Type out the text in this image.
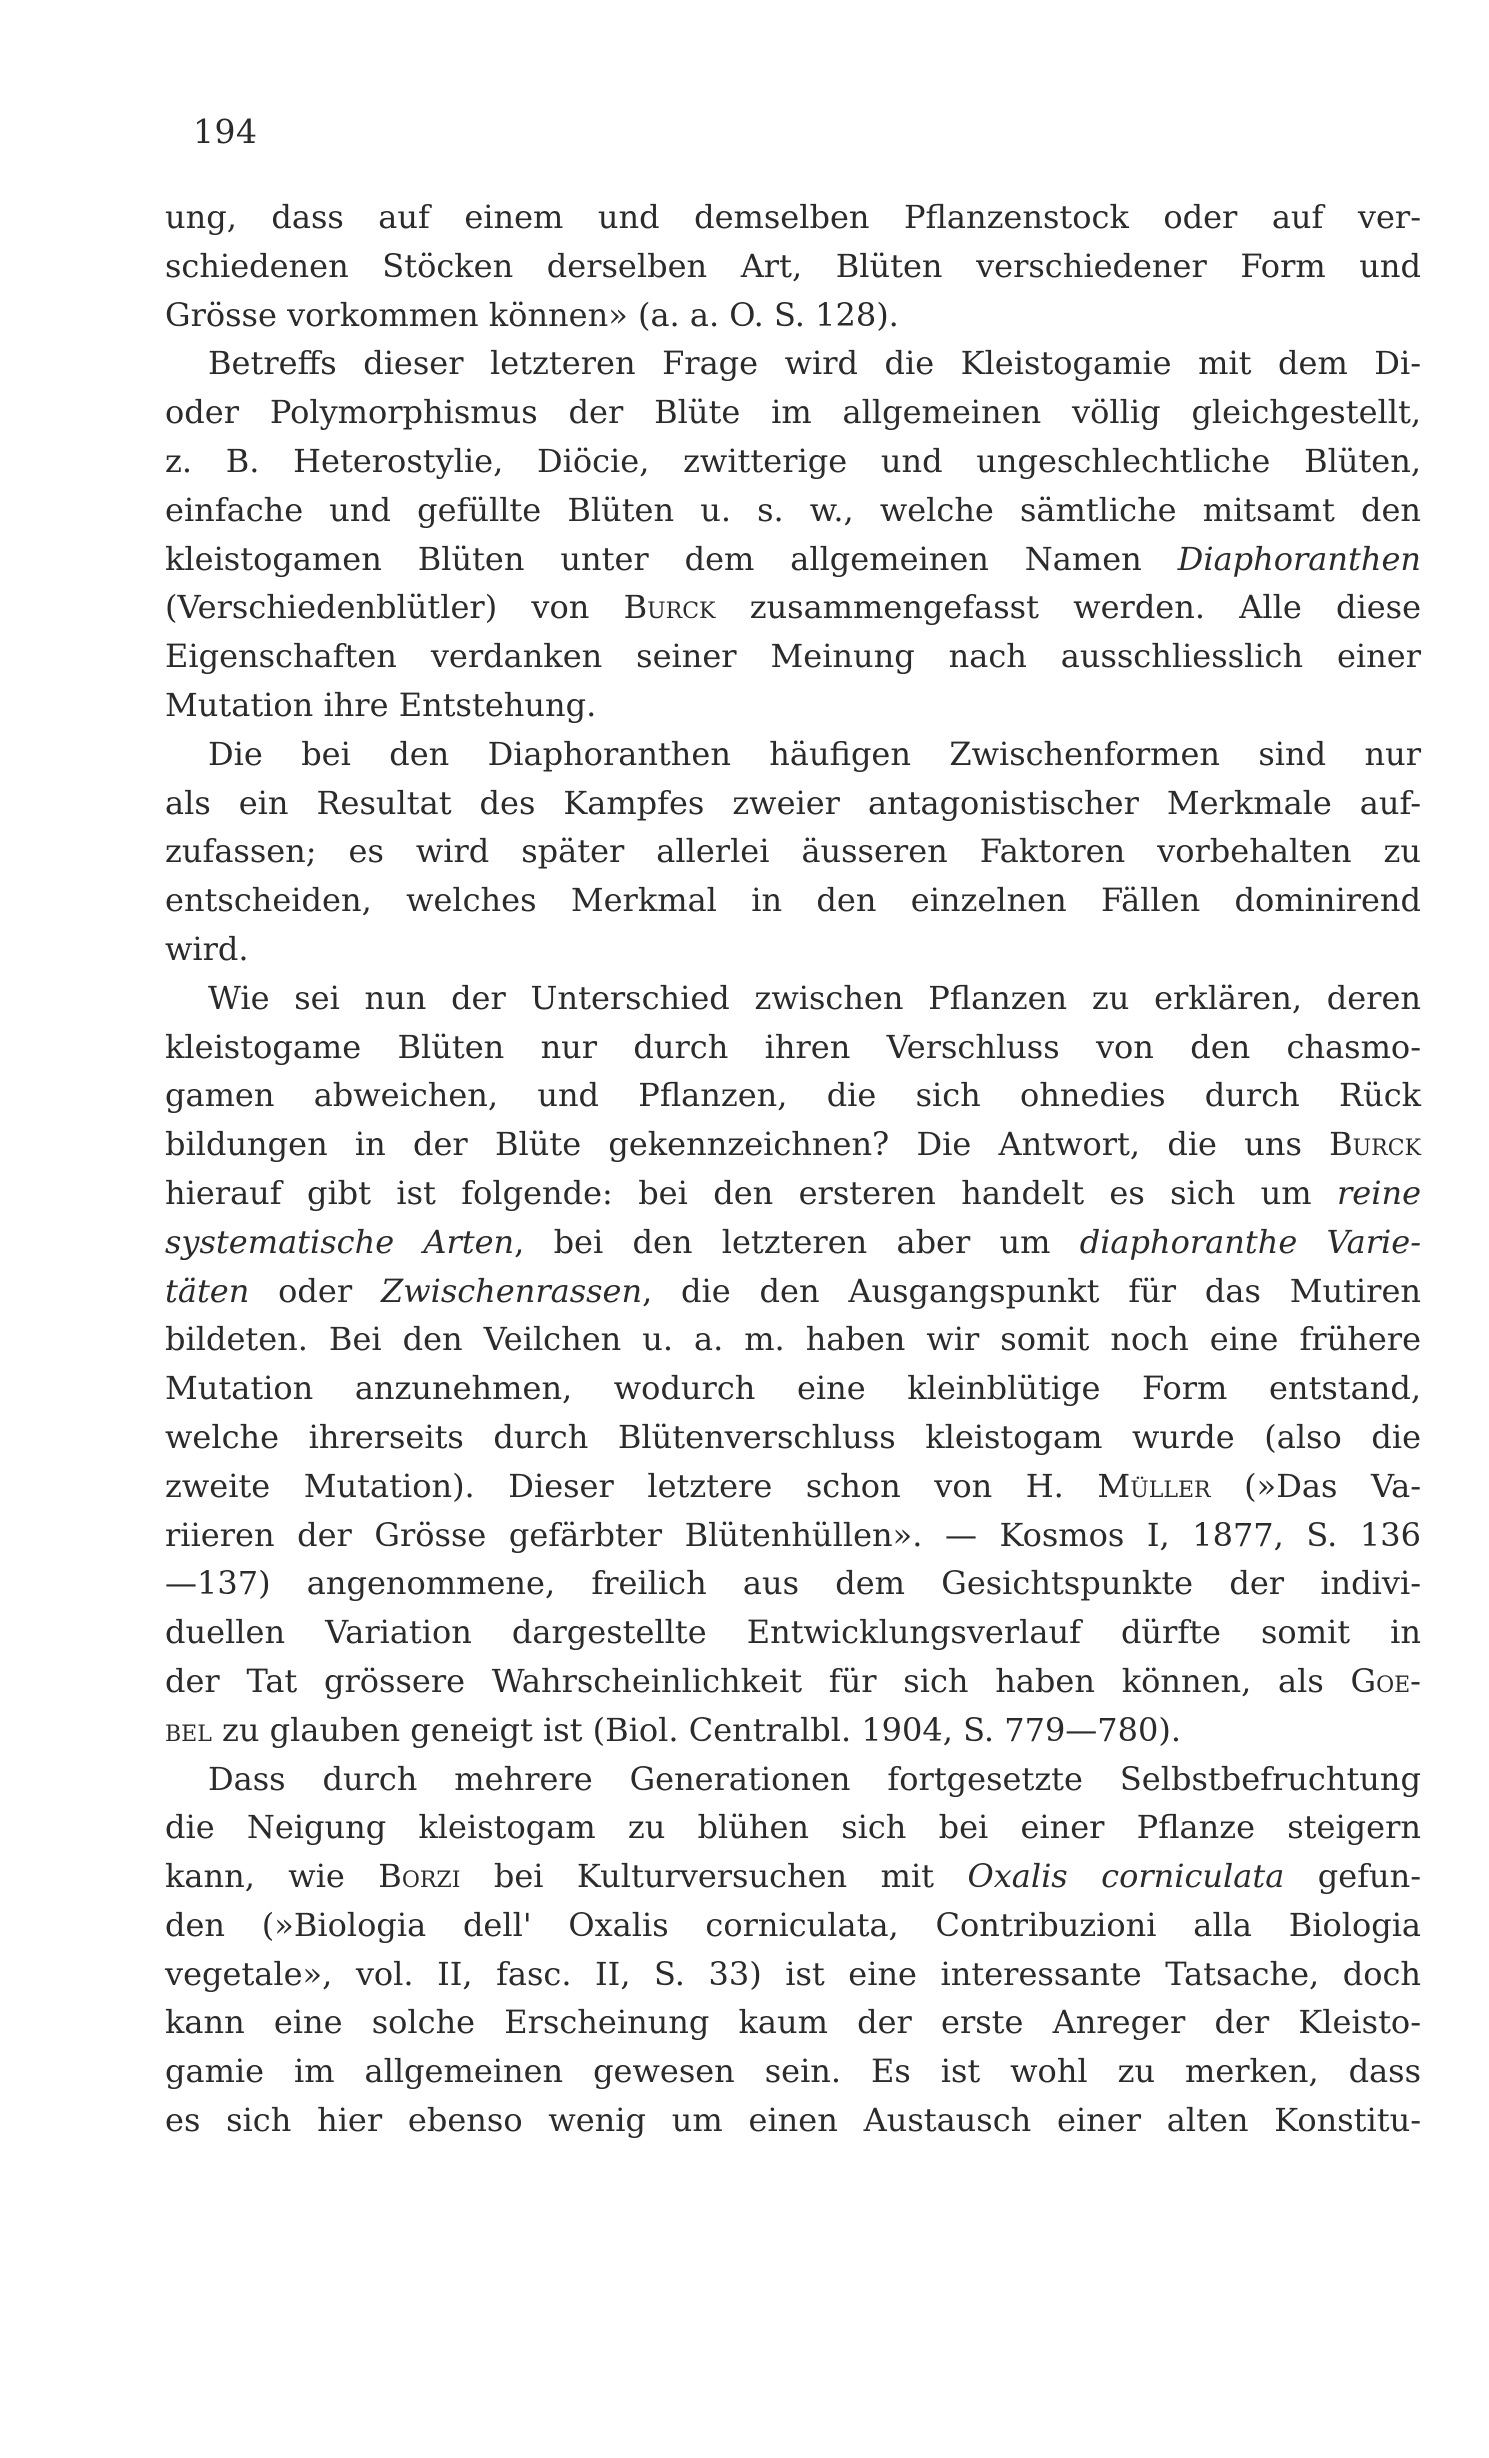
194
ung, dass auf einem und demselben Pflanzenstock oder auf ver-
schiedenen Stöcken derselben Art, Blüten verschiedener Form und
Grösse vorkommen können» (a. a. O. S. 128).
Betreffs dieser letzteren Frage wird die Kleistogamie mit dem Di-
oder Polymorphismus der Blüte im allgemeinen völlig gleichgestellt,
z. B. Heterostylie, Diöcie, zwitterige und ungeschlechtliche Blüten,
einfache und gefüllte Blüten u. s. w., welche sämtliche mitsamt den
kleistogamen Blüten unter dem allgemeinen Namen Diaphoranthen
(Verschiedenblütler) von Burck zusammengefasst werden. Alle diese
Eigenschaften verdanken seiner Meinung nach ausschliesslich einer
Mutation ihre Entstehung.
Die bei den Diaphoranthen häufigen Zwischenformen sind nur
als ein Resultat des Kampfes zweier antagonistischer Merkmale auf-
zufassen; es wird später allerlei äusseren Faktoren vorbehalten zu
entscheiden, welches Merkmal in den einzelnen Fällen dominirend
wird.
Wie sei nun der Unterschied zwischen Pflanzen zu erklären, deren
kleistogame Blüten nur durch ihren Verschluss von den chasmo-
gamen abweichen, und Pflanzen, die sich ohnedies durch Rück
bildungen in der Blüte gekennzeichnen? Die Antwort, die uns Burck
hierauf gibt ist folgende: bei den ersteren handelt es sich um reine
systematische Arten, bei den letzteren aber um diaphoranthe Varie-
täten oder Zwischenrassen, die den Ausgangspunkt für das Mutiren
bildeten. Bei den Veilchen u. a. m. haben wir somit noch eine frühere
Mutation anzunehmen, wodurch eine kleinblütige Form entstand,
welche ihrerseits durch Blütenverschluss kleistogam wurde (also die
zweite Mutation). Dieser letztere schon von H. Müller (»Das Va-
riieren der Grösse gefärbter Blütenhüllen». — Kosmos I, 1877, S. 136
—137) angenommene, freilich aus dem Gesichtspunkte der indivi-
duellen Variation dargestellte Entwicklungsverlauf dürfte somit in
der Tat grössere Wahrscheinlichkeit für sich haben können, als Goe-
bel zu glauben geneigt ist (Biol. Centralbl. 1904, S. 779—780).
Dass durch mehrere Generationen fortgesetzte Selbstbefruchtung
die Neigung kleistogam zu blühen sich bei einer Pflanze steigern
kann, wie Borzi bei Kulturversuchen mit Oxalis corniculata gefun-
den (»Biologia dell' Oxalis corniculata, Contribuzioni alla Biologia
vegetale», vol. II, fasc. II, S. 33) ist eine interessante Tatsache, doch
kann eine solche Erscheinung kaum der erste Anreger der Kleisto-
gamie im allgemeinen gewesen sein. Es ist wohl zu merken, dass
es sich hier ebenso wenig um einen Austausch einer alten Konstitu-
